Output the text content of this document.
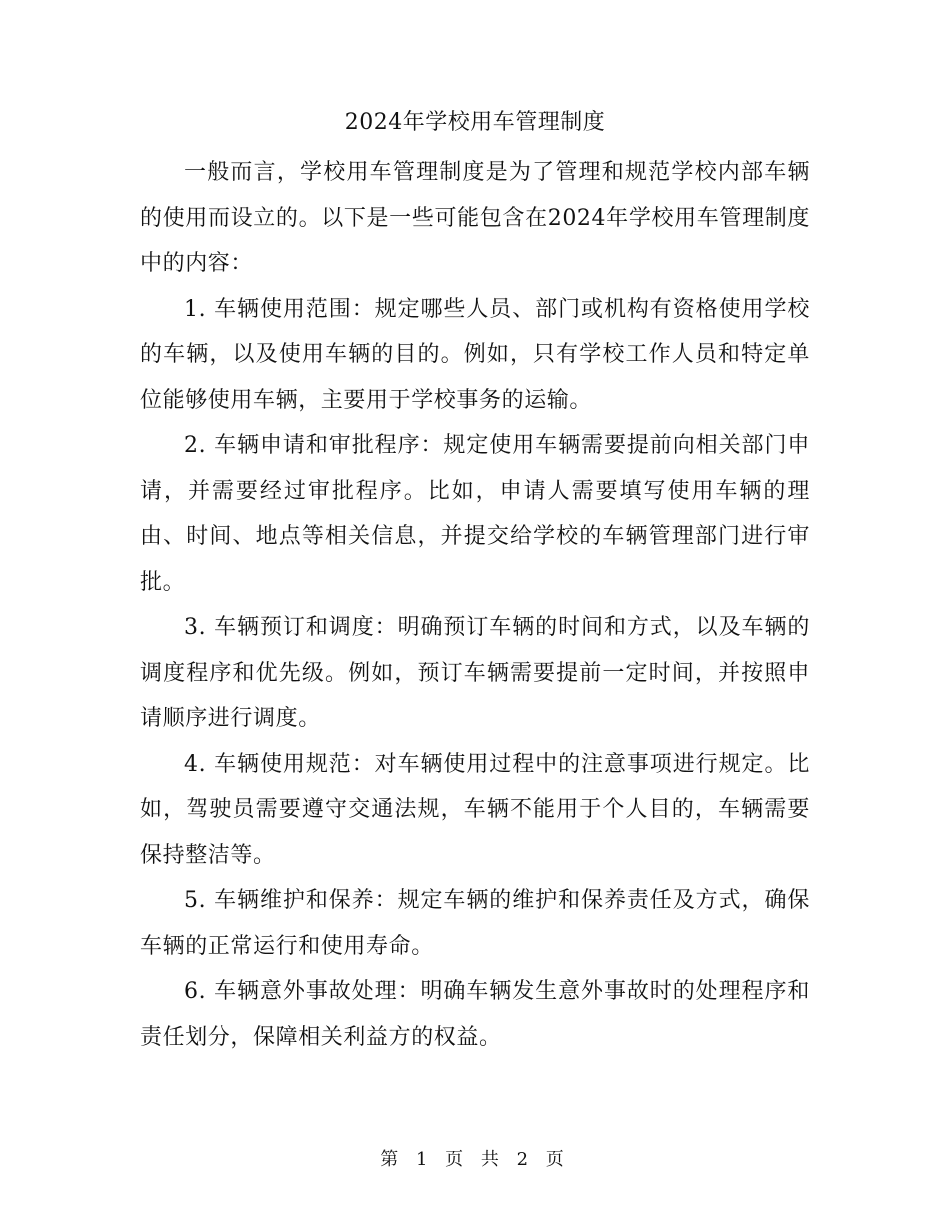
2024年学校用车管理制度

一般而言，学校用车管理制度是为了管理和规范学校内部车辆的使用而设立的。以下是一些可能包含在2024年学校用车管理制度中的内容：

1. 车辆使用范围：规定哪些人员、部门或机构有资格使用学校的车辆，以及使用车辆的目的。例如，只有学校工作人员和特定单位能够使用车辆，主要用于学校事务的运输。

2. 车辆申请和审批程序：规定使用车辆需要提前向相关部门申请，并需要经过审批程序。比如，申请人需要填写使用车辆的理由、时间、地点等相关信息，并提交给学校的车辆管理部门进行审批。

3. 车辆预订和调度：明确预订车辆的时间和方式，以及车辆的调度程序和优先级。例如，预订车辆需要提前一定时间，并按照申请顺序进行调度。

4. 车辆使用规范：对车辆使用过程中的注意事项进行规定。比如，驾驶员需要遵守交通法规，车辆不能用于个人目的，车辆需要保持整洁等。

5. 车辆维护和保养：规定车辆的维护和保养责任及方式，确保车辆的正常运行和使用寿命。

6. 车辆意外事故处理：明确车辆发生意外事故时的处理程序和责任划分，保障相关利益方的权益。

第 1 页 共 2 页
